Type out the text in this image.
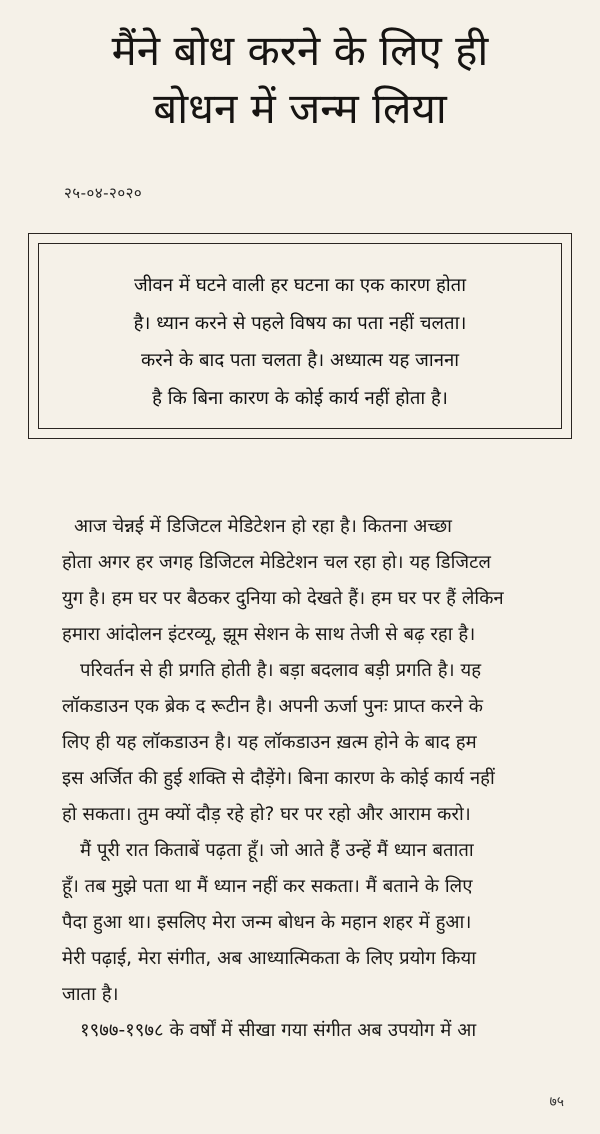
मैंने बोध करने के लिए ही
बोधन में जन्म लिया
२५-०४-२०२०
जीवन में घटने वाली हर घटना का एक कारण होता
है। ध्यान करने से पहले विषय का पता नहीं चलता।
करने के बाद पता चलता है। अध्यात्म यह जानना
है कि बिना कारण के कोई कार्य नहीं होता है।
आज चेन्नई में डिजिटल मेडिटेशन हो रहा है। कितना अच्छा
होता अगर हर जगह डिजिटल मेडिटेशन चल रहा हो। यह डिजिटल
युग है। हम घर पर बैठकर दुनिया को देखते हैं। हम घर पर हैं लेकिन
हमारा आंदोलन इंटरव्यू, झूम सेशन के साथ तेजी से बढ़ रहा है।
परिवर्तन से ही प्रगति होती है। बड़ा बदलाव बड़ी प्रगति है। यह
लॉकडाउन एक ब्रेक द रूटीन है। अपनी ऊर्जा पुनः प्राप्त करने के
लिए ही यह लॉकडाउन है। यह लॉकडाउन ख़त्म होने के बाद हम
इस अर्जित की हुई शक्ति से दौड़ेंगे। बिना कारण के कोई कार्य नहीं
हो सकता। तुम क्यों दौड़ रहे हो? घर पर रहो और आराम करो।
मैं पूरी रात किताबें पढ़ता हूँ। जो आते हैं उन्हें मैं ध्यान बताता
हूँ। तब मुझे पता था मैं ध्यान नहीं कर सकता। मैं बताने के लिए
पैदा हुआ था। इसलिए मेरा जन्म बोधन के महान शहर में हुआ।
मेरी पढ़ाई, मेरा संगीत, अब आध्यात्मिकता के लिए प्रयोग किया
जाता है।
१९७७-१९७८ के वर्षों में सीखा गया संगीत अब उपयोग में आ
७५
